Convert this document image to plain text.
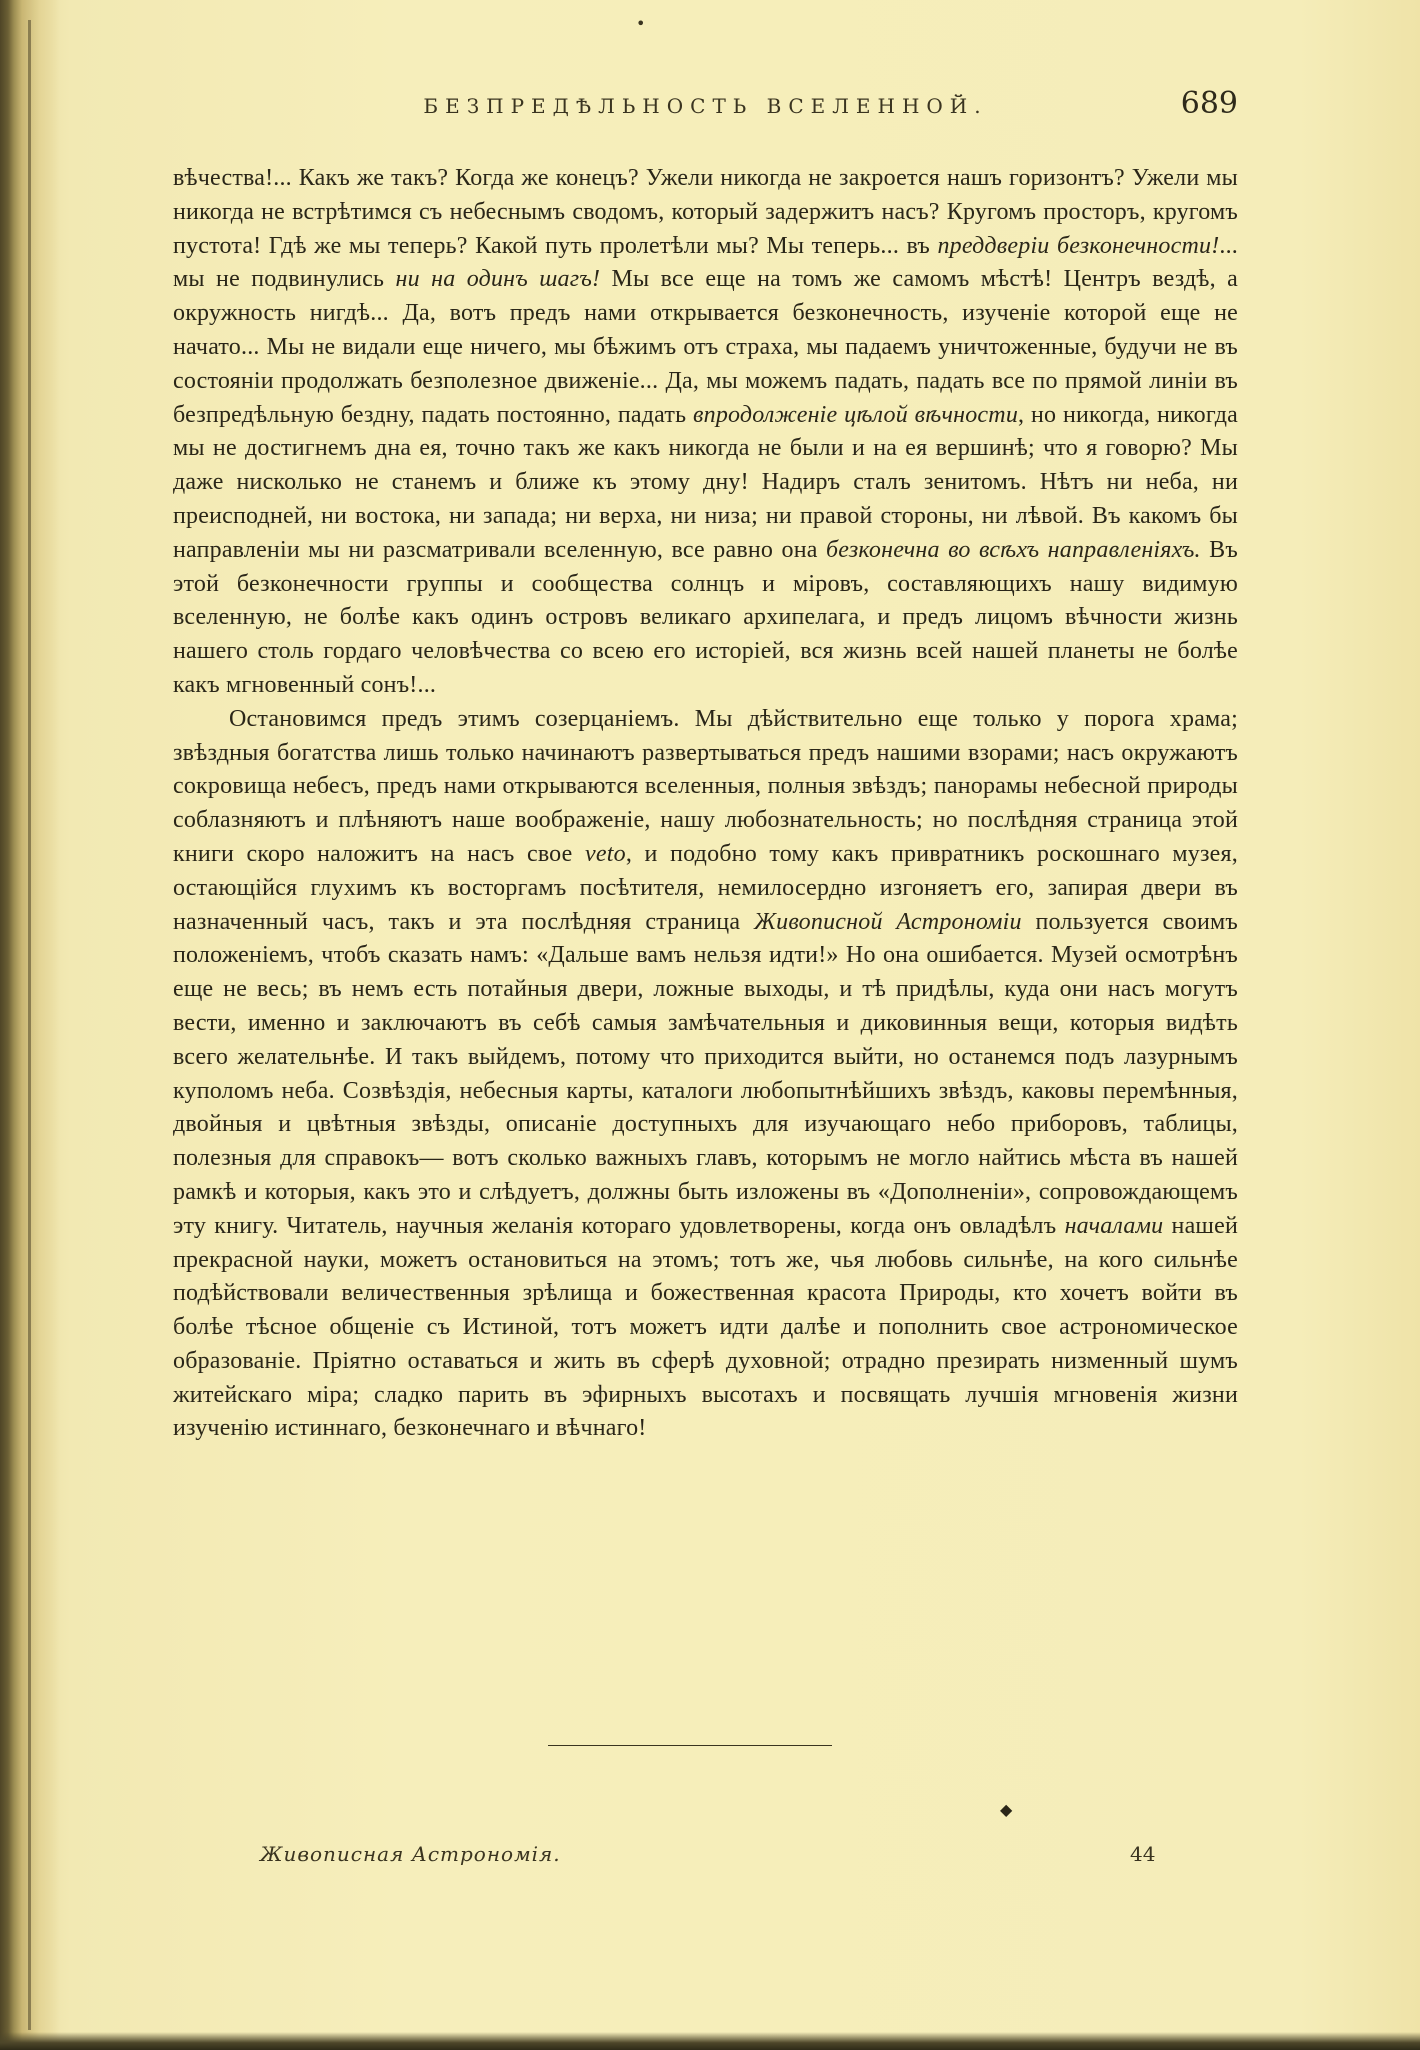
•
БЕЗПРЕДѢЛЬНОСТЬ ВСЕЛЕННОЙ.	689

вѣчества!... Какъ же такъ? Когда же конецъ? Ужели никогда не закроется нашъ горизонтъ? Ужели мы никогда не встрѣтимся съ небеснымъ сводомъ, который задержитъ насъ? Кругомъ просторъ, кругомъ пустота! Гдѣ же мы теперь? Какой путь пролетѣли мы? Мы теперь... въ преддверіи безконечности!... мы не подвинулись ни на одинъ шагъ! Мы все еще на томъ же самомъ мѣстѣ! Центръ вездѣ, а окружность нигдѣ... Да, вотъ предъ нами открывается безконечность, изученіе которой еще не начато... Мы не видали еще ничего, мы бѣжимъ отъ страха, мы падаемъ уничтоженные, будучи не въ состояніи продолжать безполезное движеніе... Да, мы можемъ падать, падать все по прямой линіи въ безпредѣльную бездну, падать постоянно, падать впродолженіе цѣлой вѣчности, но никогда, никогда мы не достигнемъ дна ея, точно такъ же какъ никогда не были и на ея вершинѣ; что я говорю? Мы даже нисколько не станемъ и ближе къ этому дну! Надиръ сталъ зенитомъ. Нѣтъ ни неба, ни преисподней, ни востока, ни запада; ни верха, ни низа; ни правой стороны, ни лѣвой. Въ какомъ бы направленіи мы ни разсматривали вселенную, все равно она безконечна во всѣхъ направленіяхъ. Въ этой безконечности группы и сообщества солнцъ и міровъ, составляющихъ нашу видимую вселенную, не болѣе какъ одинъ островъ великаго архипелага, и предъ лицомъ вѣчности жизнь нашего столь гордаго человѣчества со всею его исторіей, вся жизнь всей нашей планеты не болѣе какъ мгновенный сонъ!...

Остановимся предъ этимъ созерцаніемъ. Мы дѣйствительно еще только у порога храма; звѣздныя богатства лишь только начинаютъ развертываться предъ нашими взорами; насъ окружаютъ сокровища небесъ, предъ нами открываются вселенныя, полныя звѣздъ; панорамы небесной природы соблазняютъ и плѣняютъ наше воображеніе, нашу любознательность; но послѣдняя страница этой книги скоро наложитъ на насъ свое veto, и подобно тому какъ привратникъ роскошнаго музея, остающійся глухимъ къ восторгамъ посѣтителя, немилосердно изгоняетъ его, запирая двери въ назначенный часъ, такъ и эта послѣдняя страница Живописной Астрономіи пользуется своимъ положеніемъ, чтобъ сказать намъ: «Дальше вамъ нельзя идти!» Но она ошибается. Музей осмотрѣнъ еще не весь; въ немъ есть потайныя двери, ложные выходы, и тѣ придѣлы, куда они насъ могутъ вести, именно и заключаютъ въ себѣ самыя замѣчательныя и диковинныя вещи, которыя видѣть всего желательнѣе. И такъ выйдемъ, потому что приходится выйти, но останемся подъ лазурнымъ куполомъ неба. Созвѣздія, небесныя карты, каталоги любопытнѣйшихъ звѣздъ, каковы перемѣнныя, двойныя и цвѣтныя звѣзды, описаніе доступныхъ для изучающаго небо приборовъ, таблицы, полезныя для справокъ— вотъ сколько важныхъ главъ, которымъ не могло найтись мѣста въ нашей рамкѣ и которыя, какъ это и слѣдуетъ, должны быть изложены въ «Дополненіи», сопровождающемъ эту книгу. Читатель, научныя желанія котораго удовлетворены, когда онъ овладѣлъ началами нашей прекрасной науки, можетъ остановиться на этомъ; тотъ же, чья любовь сильнѣе, на кого сильнѣе подѣйствовали величественныя зрѣлища и божественная красота Природы, кто хочетъ войти въ болѣе тѣсное общеніе съ Истиной, тотъ можетъ идти далѣе и пополнить свое астрономическое образованіе. Пріятно оставаться и жить въ сферѣ духовной; отрадно презирать низменный шумъ житейскаго міра; сладко парить въ эфирныхъ высотахъ и посвящать лучшія мгновенія жизни изученію истиннаго, безконечнаго и вѣчнаго!

◆
Живописная Астрономія.	44
